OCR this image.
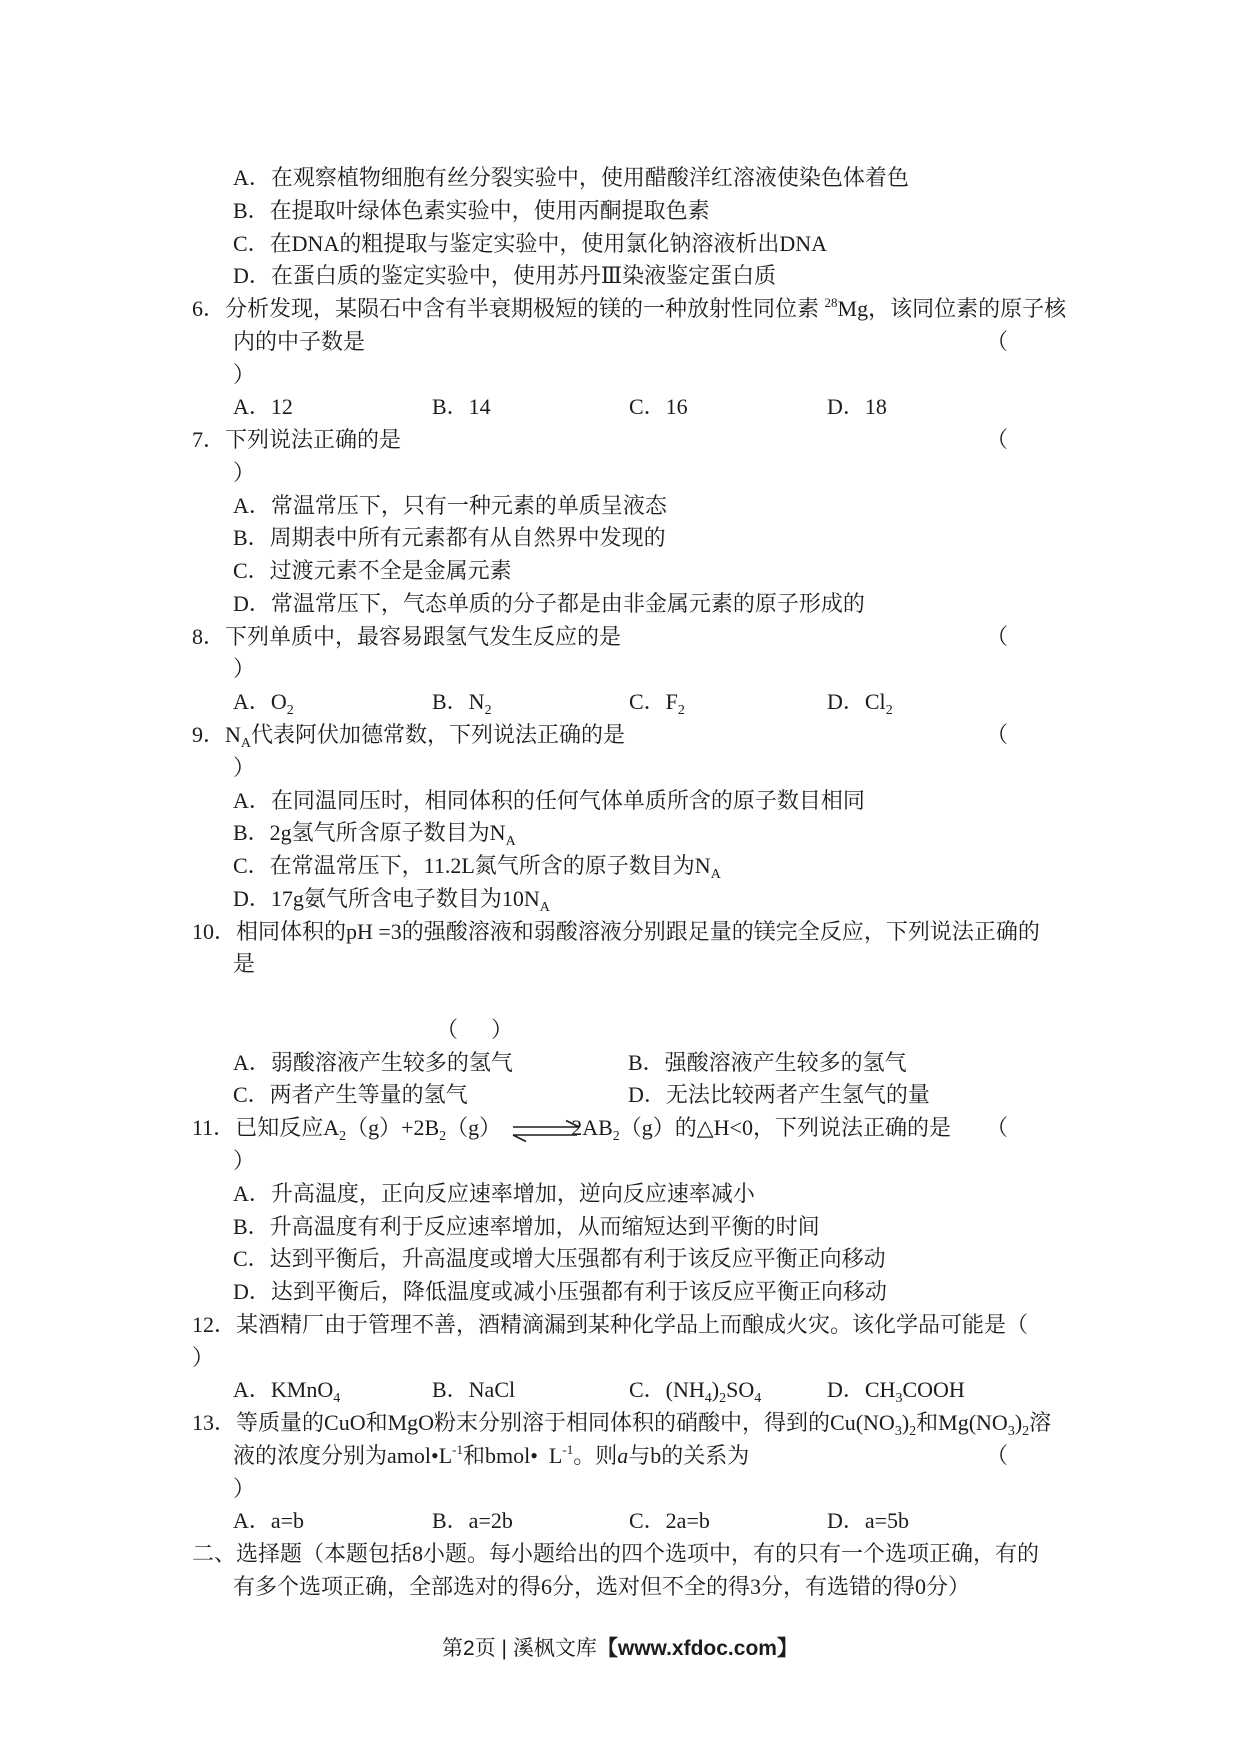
A．在观察植物细胞有丝分裂实验中，使用醋酸洋红溶液使染色体着色
B．在提取叶绿体色素实验中，使用丙酮提取色素
C．在DNA的粗提取与鉴定实验中，使用氯化钠溶液析出DNA
D．在蛋白质的鉴定实验中，使用苏丹Ⅲ染液鉴定蛋白质
6． 分析发现，某陨石中含有半衰期极短的镁的一种放射性同位素 28 Mg，该同位素的原子核
内的中子数是	（
）
A．12	B．14	C．16	D．18
7． 下列说法正确的是	（
）
A．常温常压下，只有一种元素的单质呈液态
B．周期表中所有元素都有从自然界中发现的
C．过渡元素不全是金属元素
D．常温常压下，气态单质的分子都是由非金属元素的原子形成的
8． 下列单质中，最容易跟氢气发生反应的是	（
）
A．O 2	B．N 2	C．F 2	D．Cl 2
9． N A 代表阿伏加德常数，下列说法正确的是	（
）
A．在同温同压时，相同体积的任何气体单质所含的原子数目相同
B．2g氢气所含原子数目为N A
C．在常温常压下，11.2L氮气所含的原子数目为N A
D．17g氨气所含电子数目为10N A
10． 相同体积的pH =3的强酸溶液和弱酸溶液分别跟足量的镁完全反应，下列说法正确的
是
（      ）
A．弱酸溶液产生较多的氢气	B．强酸溶液产生较多的氢气
C．两者产生等量的氢气	D．无法比较两者产生氢气的量
11． 已知反应A 2 （g）+2B 2 （g） ⇌
2AB 2 （g）的△H<0，下列说法正确的是 （
）
A．升高温度，正向反应速率增加，逆向反应速率减小
B．升高温度有利于反应速率增加，从而缩短达到平衡的时间
C．达到平衡后，升高温度或增大压强都有利于该反应平衡正向移动
D．达到平衡后，降低温度或减小压强都有利于该反应平衡正向移动
12． 某酒精厂由于管理不善，酒精滴漏到某种化学品上而酿成火灾。该化学品可能是 （
）
A．KMnO 4	B．NaCl	C．(NH 4 ) 2 SO 4	D．CH 3 COOH
13． 等质量的CuO和MgO粉末分别溶于相同体积的硝酸中，得到的Cu(NO 3 ) 2 和Mg(NO 3 ) 2 溶
液的浓度分别为amol•L -1 和bmol•  L -1 。则 a 与b的关系为	（
）
A．a=b	B．a=2b	C．2a=b	D．a=5b
二、选择题（本题包括8小题。每小题给出的四个选项中，有的只有一个选项正确，有的
有多个选项正确，全部选对的得6分，选对但不全的得3分，有选错的得0分）
第2页 | 溪枫文库 【www.xfdoc.com】
